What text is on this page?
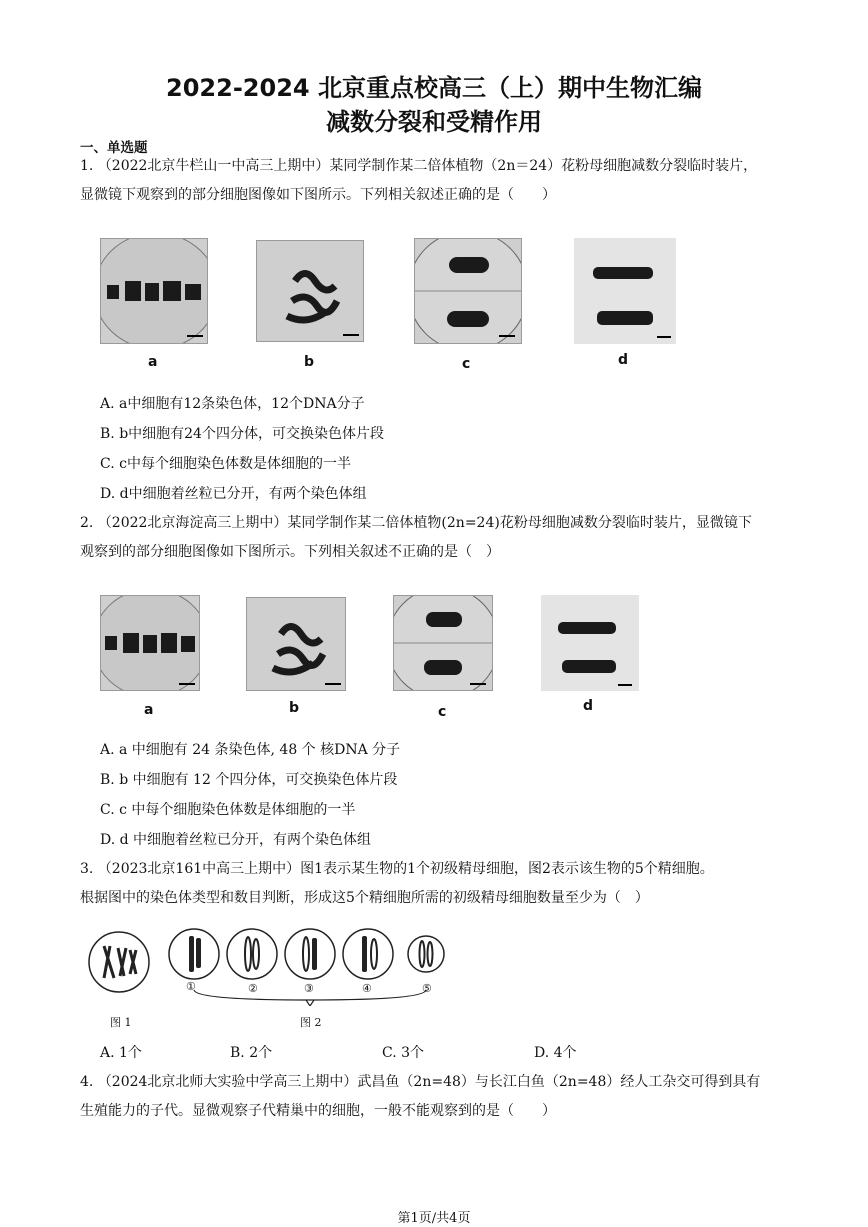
2022-2024 北京重点校高三（上）期中生物汇编
减数分裂和受精作用
一、单选题
1. （2022北京牛栏山一中高三上期中）某同学制作某二倍体植物（2n＝24）花粉母细胞减数分裂临时装片，
显微镜下观察到的部分细胞图像如下图所示。下列相关叙述正确的是（　　）
a	b	c	d
A. a中细胞有12条染色体，12个DNA分子
B. b中细胞有24个四分体，可交换染色体片段
C. c中每个细胞染色体数是体细胞的一半
D. d中细胞着丝粒已分开，有两个染色体组
2. （2022北京海淀高三上期中）某同学制作某二倍体植物(2n=24)花粉母细胞减数分裂临时装片，显微镜下
观察到的部分细胞图像如下图所示。下列相关叙述不正确的是（　）
a	b	c	d
A. a 中细胞有 24 条染色体, 48 个 核DNA 分子
B. b 中细胞有 12 个四分体，可交换染色体片段
C. c 中每个细胞染色体数是体细胞的一半
D. d 中细胞着丝粒已分开，有两个染色体组
3. （2023北京161中高三上期中）图1表示某生物的1个初级精母细胞，图2表示该生物的5个精细胞。
根据图中的染色体类型和数目判断，形成这5个精细胞所需的初级精母细胞数量至少为（　）
①	②	③	④	⑤
图 1	图 2
A. 1个	B. 2个	C. 3个	D. 4个
4. （2024北京北师大实验中学高三上期中）武昌鱼（2n=48）与长江白鱼（2n=48）经人工杂交可得到具有
生殖能力的子代。显微观察子代精巢中的细胞，一般不能观察到的是（　　）
第1页/共4页
